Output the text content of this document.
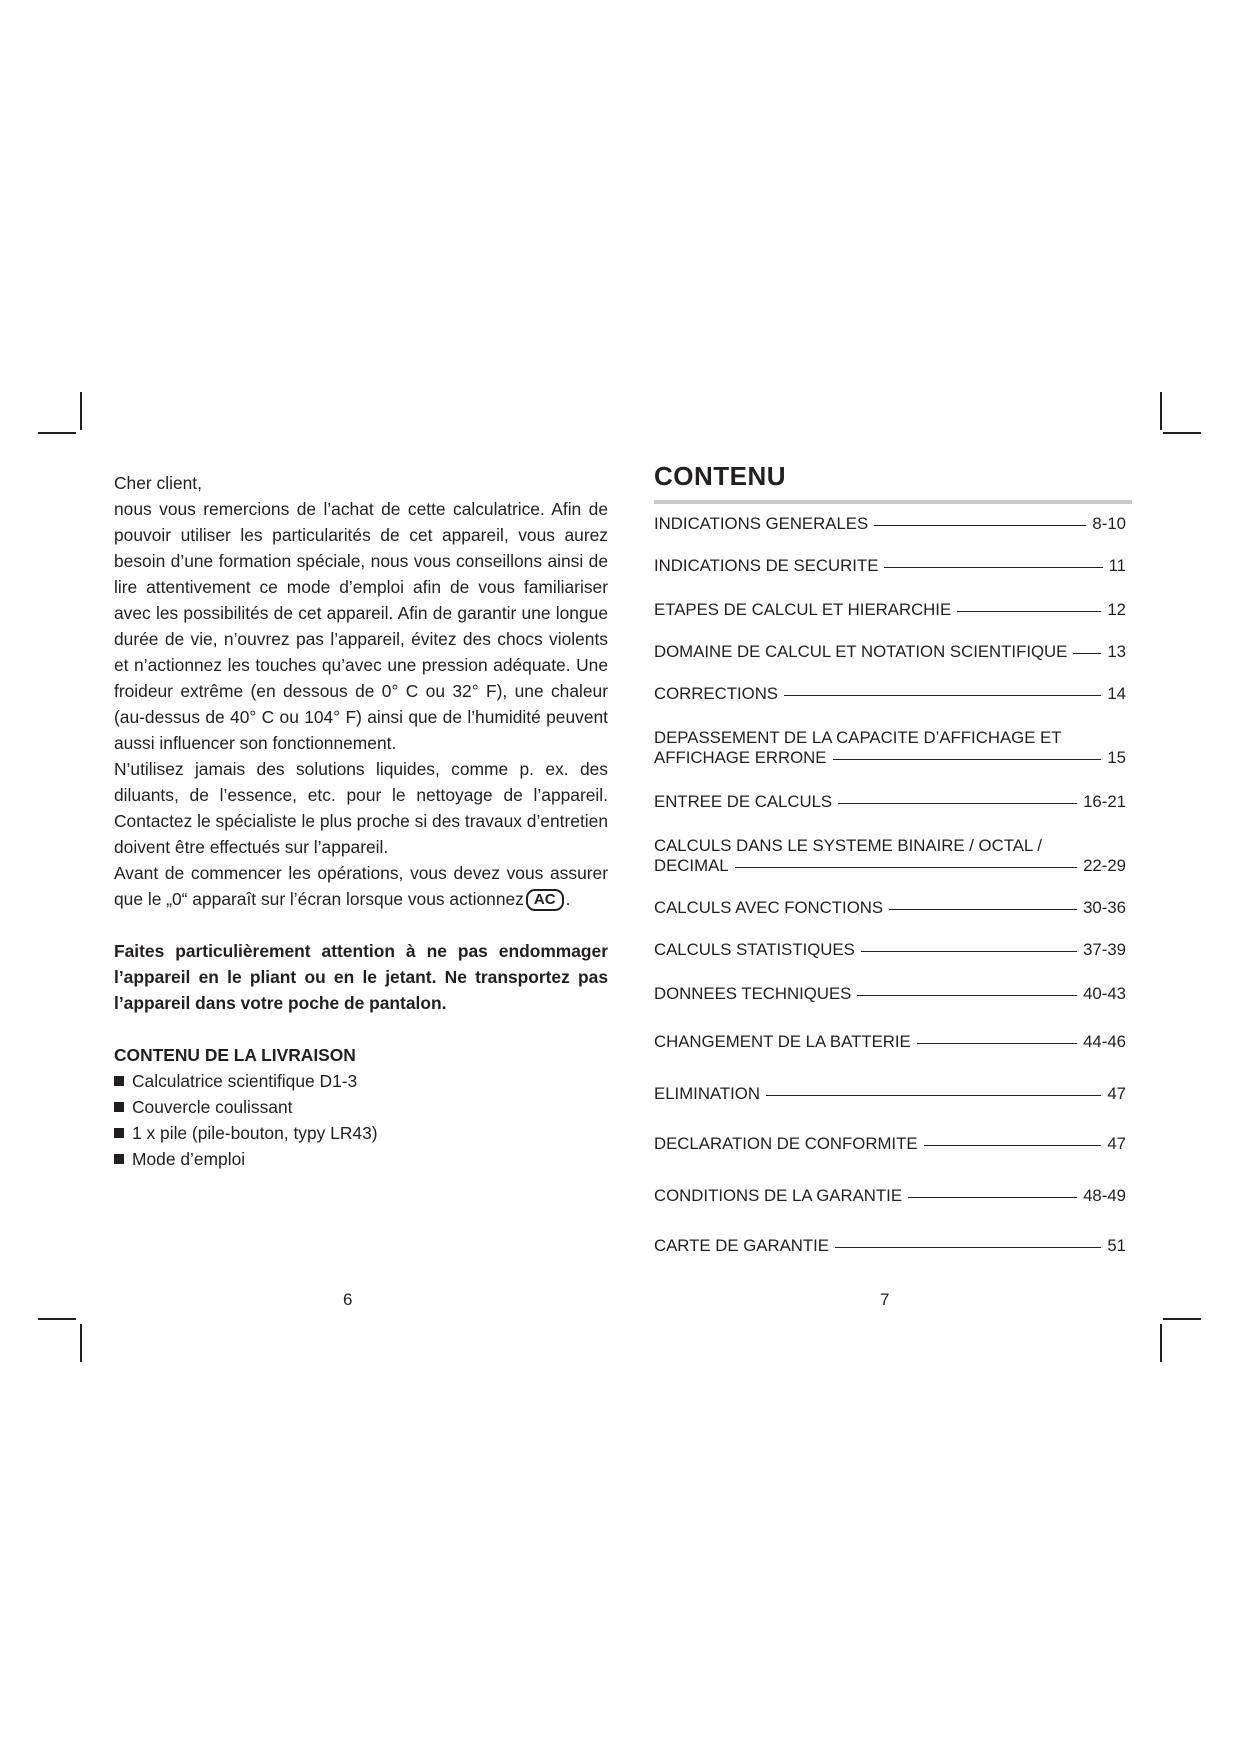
Cher client,

nous vous remercions de l’achat de cette calculatrice. Afin de pouvoir utiliser les particularités de cet appareil, vous aurez besoin d’une formation spéciale, nous vous conseillons ainsi de lire attentivement ce mode d’emploi afin de vous familiariser avec les possibilités de cet appareil. Afin de garantir une longue durée de vie, n’ouvrez pas l’appareil, évitez des chocs violents et n’actionnez les touches qu’avec une pression adéquate. Une froideur extrême (en dessous de 0° C ou 32° F), une chaleur (au-dessus de 40° C ou 104° F) ainsi que de l’humidité peuvent aussi influencer son fonctionnement.

N’utilisez jamais des solutions liquides, comme p. ex. des diluants, de l’essence, etc. pour le nettoyage de l’appareil. Contactez le spécialiste le plus proche si des travaux d’entretien doivent être effectués sur l’appareil.

Avant de commencer les opérations, vous devez vous assurer que le „0“ apparaît sur l’écran lorsque vous actionnez AC .

Faites particulièrement attention à ne pas endommager l’appareil en le pliant ou en le jetant. Ne transportez pas l’appareil dans votre poche de pantalon.

CONTENU DE LA LIVRAISON
Calculatrice scientifique D1-3
Couvercle coulissant
1 x pile (pile-bouton, typy LR43)
Mode d’emploi
6
CONTENU
INDICATIONS GENERALES	8-10
INDICATIONS DE SECURITE	11
ETAPES DE CALCUL ET HIERARCHIE	12
DOMAINE DE CALCUL ET NOTATION SCIENTIFIQUE 13
CORRECTIONS	14
DEPASSEMENT DE LA CAPACITE D’AFFICHAGE ET
AFFICHAGE ERRONE	15
ENTREE DE CALCULS	16-21
CALCULS DANS LE SYSTEME BINAIRE / OCTAL /
DECIMAL	22-29
CALCULS AVEC FONCTIONS	30-36
CALCULS STATISTIQUES	37-39
DONNEES TECHNIQUES	40-43
CHANGEMENT DE LA BATTERIE	44-46
ELIMINATION	47
DECLARATION DE CONFORMITE	47
CONDITIONS DE LA GARANTIE	48-49
CARTE DE GARANTIE	51
7
